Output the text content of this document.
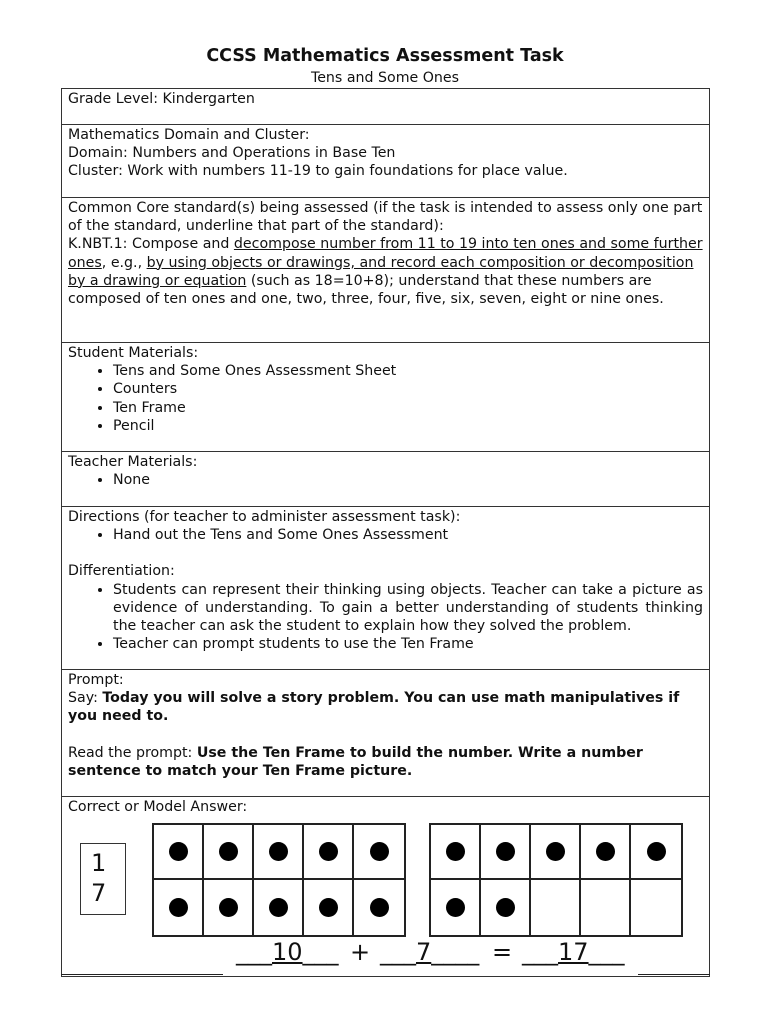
CCSS Mathematics Assessment Task
Tens and Some Ones

Grade Level: Kindergarten

Mathematics Domain and Cluster:

Domain: Numbers and Operations in Base Ten

Cluster: Work with numbers 11-19 to gain foundations for place value.

Common Core standard(s) being assessed (if the task is intended to assess only one part of the standard, underline that part of the standard):

K.NBT.1: Compose and decompose number from 11 to 19 into ten ones and some further ones, e.g., by using objects or drawings, and record each composition or decomposition by a drawing or equation (such as 18=10+8); understand that these numbers are composed of ten ones and one, two, three, four, five, six, seven, eight or nine ones.

Student Materials:

• Tens and Some Ones Assessment Sheet
• Counters
• Ten Frame
• Pencil

Teacher Materials:

• None

Directions (for teacher to administer assessment task):

• Hand out the Tens and Some Ones Assessment

Differentiation:

• Students can represent their thinking using objects. Teacher can take a picture as evidence of understanding. To gain a better understanding of students thinking the teacher can ask the student to explain how they solved the problem.
• Teacher can prompt students to use the Ten Frame

Prompt:

Say: Today you will solve a story problem. You can use math manipulatives if you need to.

Read the prompt: Use the Ten Frame to build the number. Write a number sentence to match your Ten Frame picture.

Correct or Model Answer:

1
7
___10___ + ___7____ = ___17___
